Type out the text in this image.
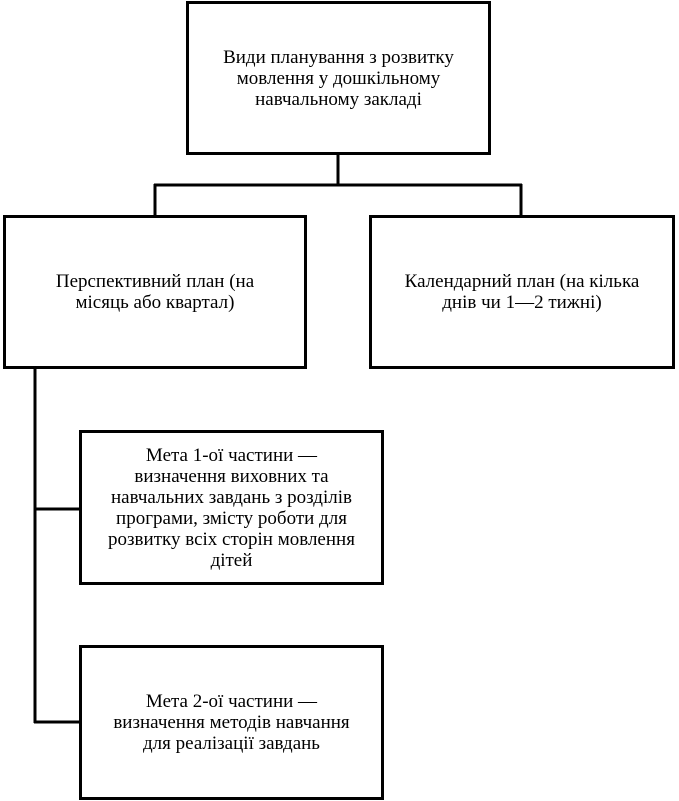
Види планування з розвитку
мовлення у дошкільному
навчальному закладі
Перспективний план (на
місяць або квартал)
Календарний план (на кілька
днів чи 1—2 тижні)
Мета 1-ої частини —
визначення виховних та
навчальних завдань з розділів
програми, змісту роботи для
розвитку всіх сторін мовлення
дітей
Мета 2-ої частини —
визначення методів навчання
для реалізації завдань
